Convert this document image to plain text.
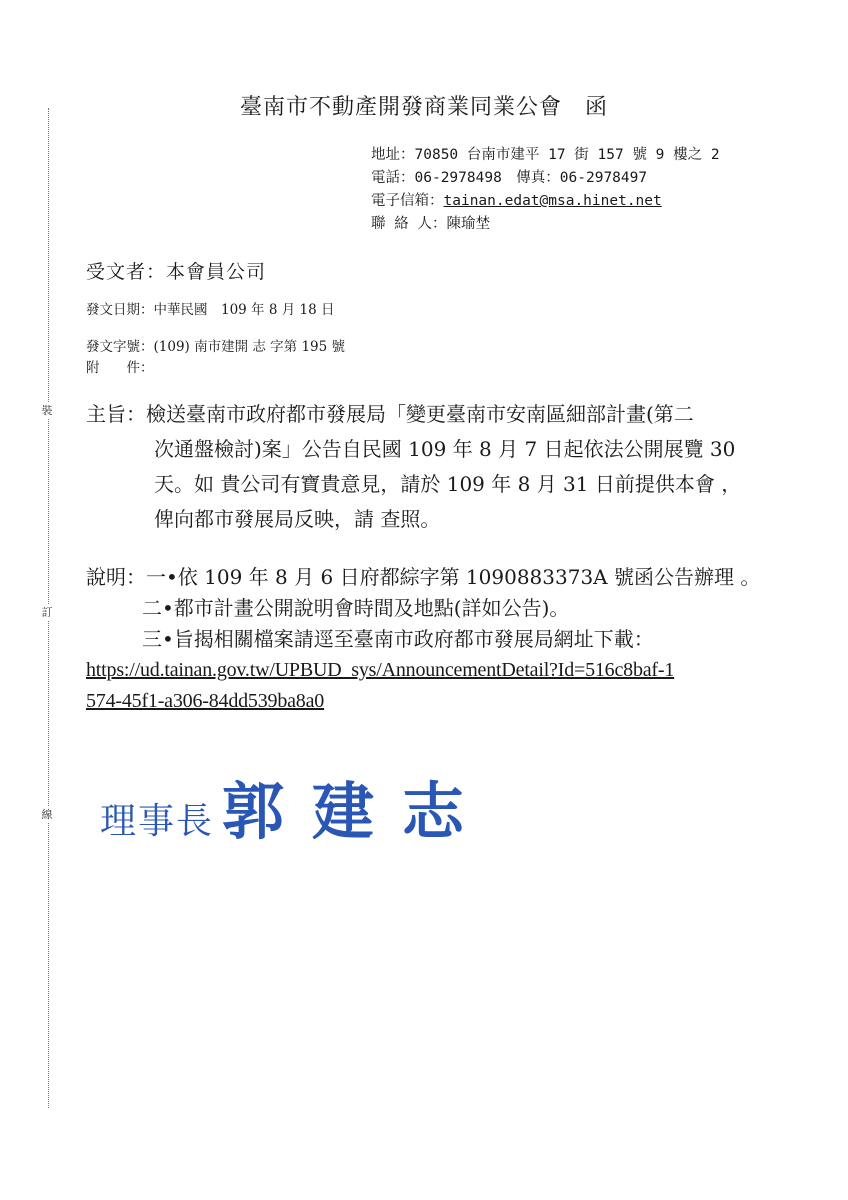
裝
訂
線
臺南市不動產開發商業同業公會　函
地址：70850 台南市建平 17 街 157 號 9 樓之 2
電話：06-2978498　傳真：06-2978497
電子信箱：tainan.edat@msa.hinet.net
聯 絡 人：陳瑜埜
受文者：本會員公司
發文日期：中華民國　109 年 8 月 18 日
發文字號：(109) 南市建開 志 字第 195 號
附　　件：
主旨：檢送臺南市政府都市發展局「變更臺南市安南區細部計畫(第二
次通盤檢討)案」公告自民國 109 年 8 月 7 日起依法公開展覽 30
天。如 貴公司有寶貴意見，請於 109 年 8 月 31 日前提供本會 ，
俾向都市發展局反映，請 查照。
說明：一•依 109 年 8 月 6 日府都綜字第 1090883373A 號函公告辦理 。
二•都市計畫公開說明會時間及地點(詳如公告)。
三•旨揭相關檔案請逕至臺南市政府都市發展局網址下載：
https://ud.tainan.gov.tw/UPBUD_sys/AnnouncementDetail?Id=516c8baf-1
574-45f1-a306-84dd539ba8a0
理事長 郭建志
